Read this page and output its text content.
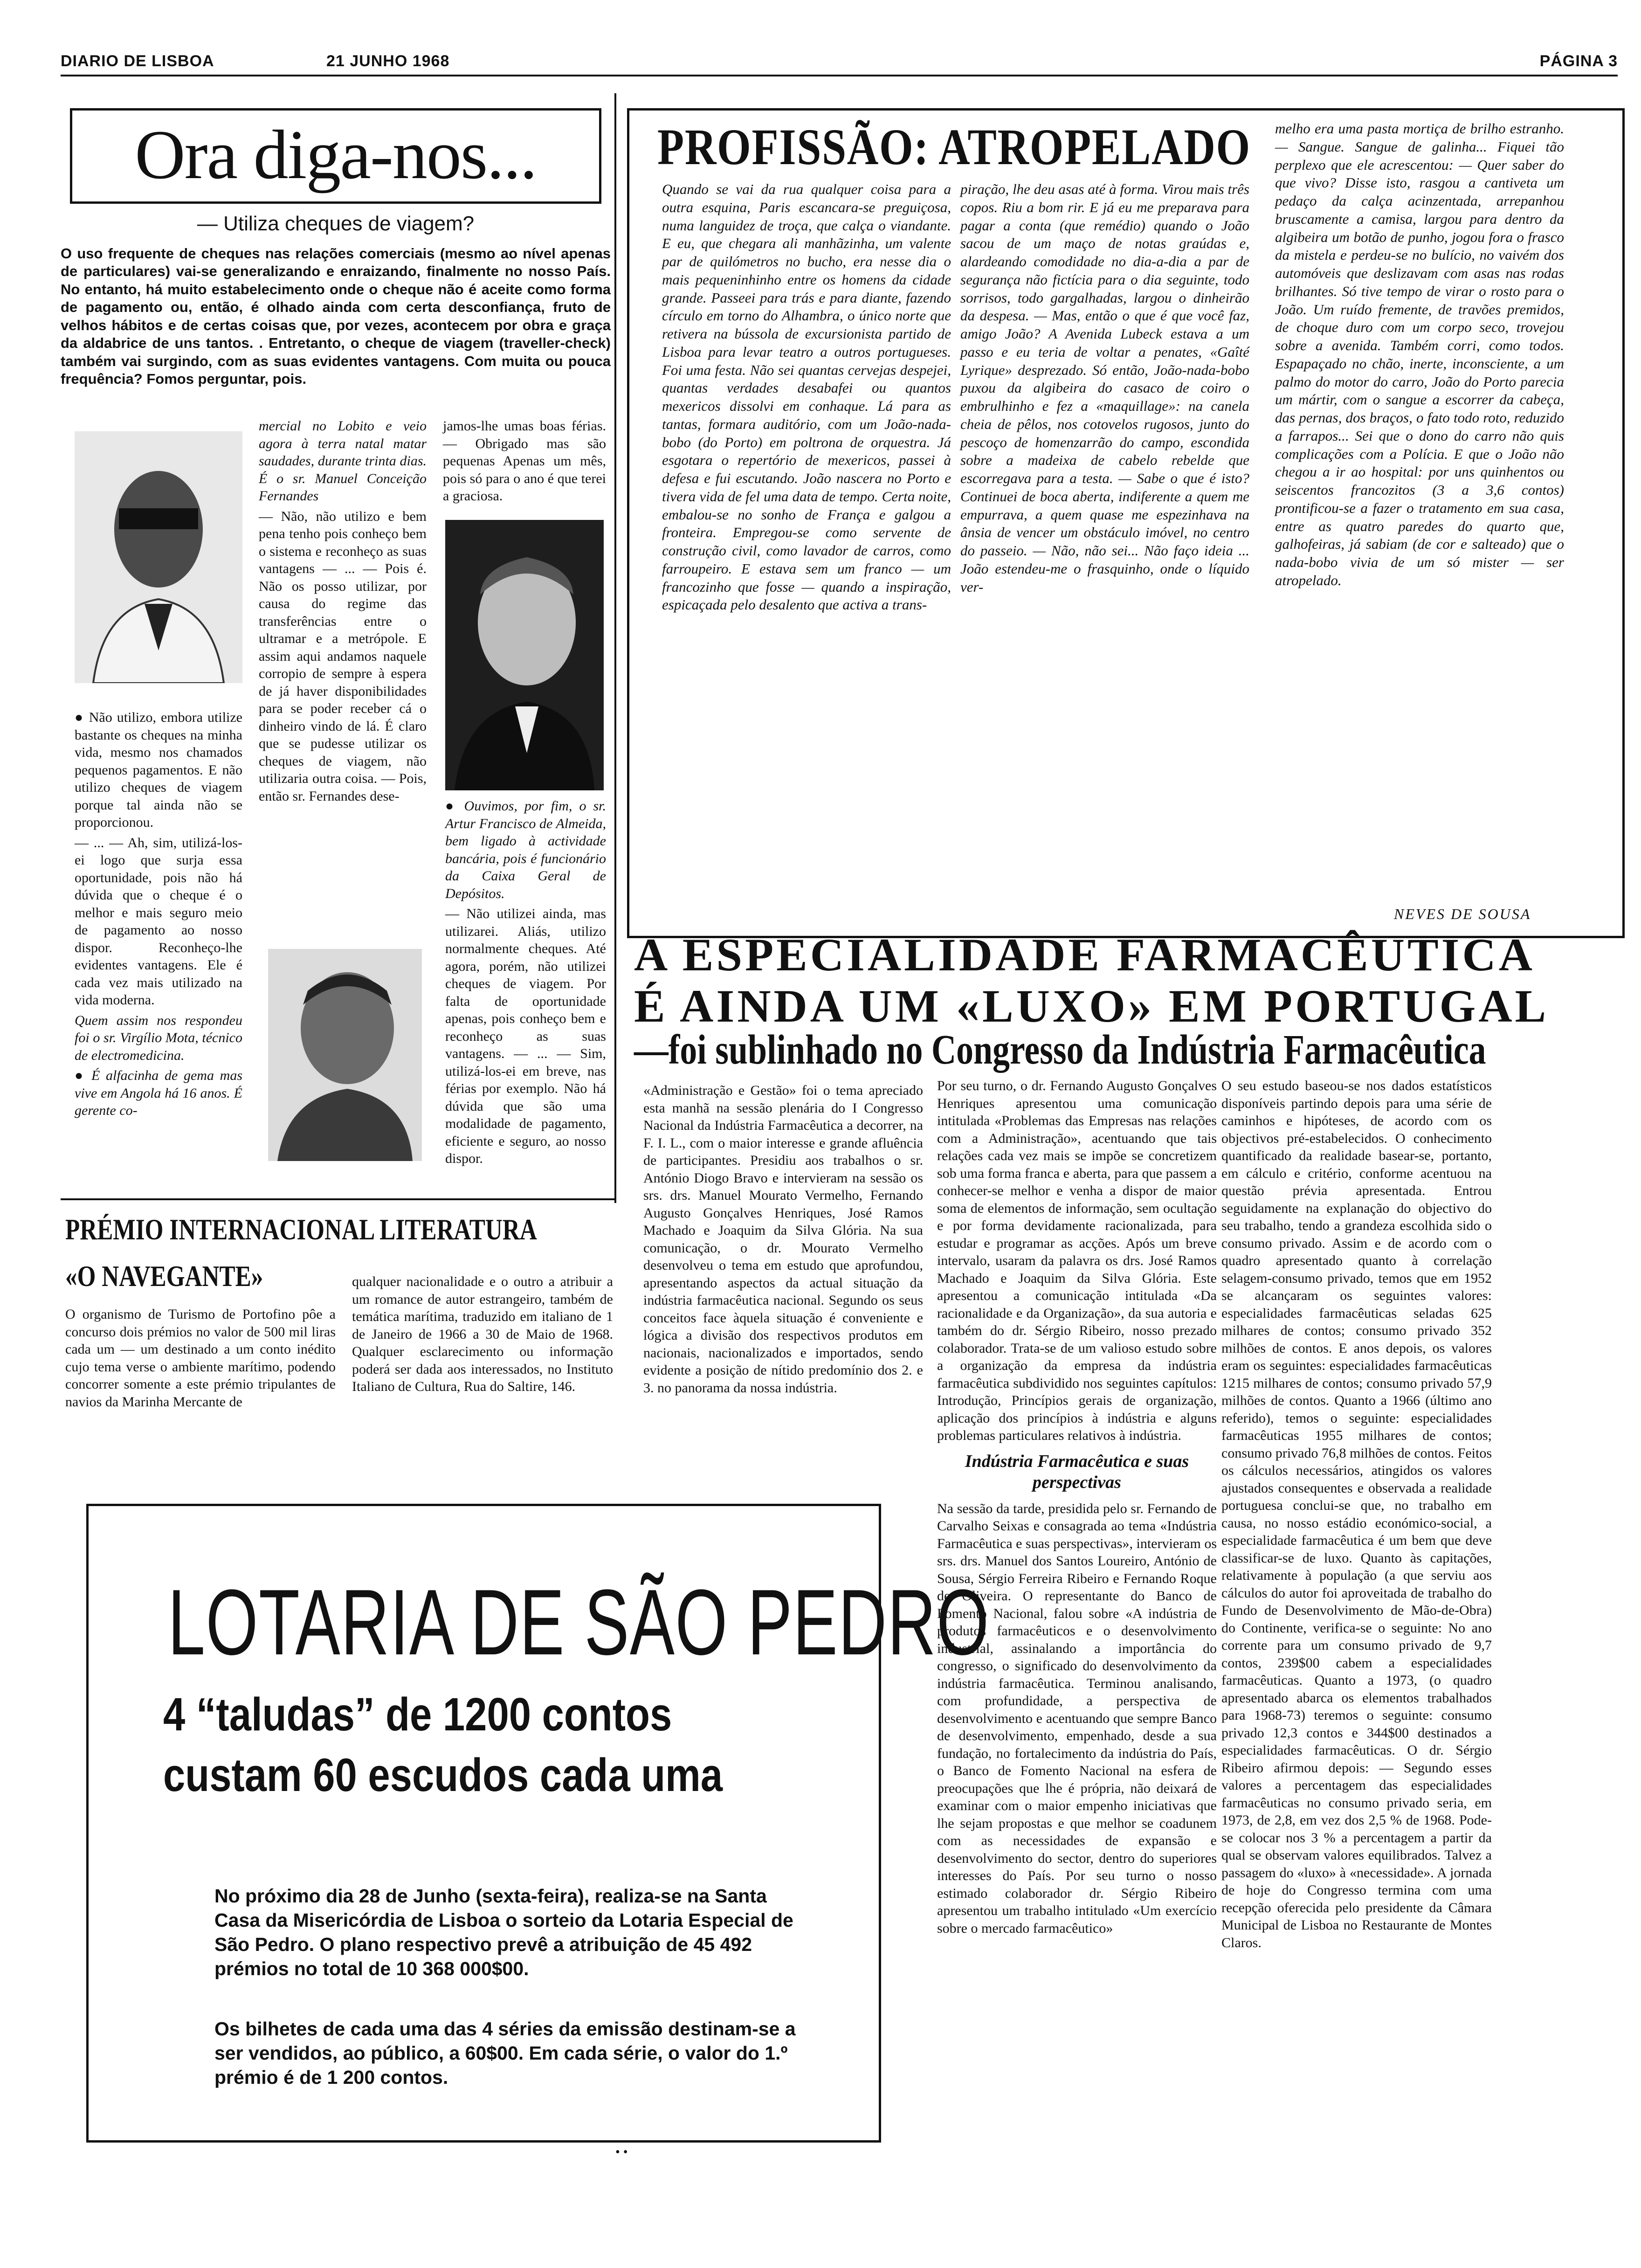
DIARIO DE LISBOA	21 JUNHO 1968	PÁGINA 3
Ora diga-nos...
— Utiliza cheques de viagem?
O uso frequente de cheques nas relações comerciais (mesmo ao nível apenas de particulares) vai-se generalizando e enraizando, finalmente no nosso País. No entanto, há muito estabelecimento onde o cheque não é aceite como forma de pagamento ou, então, é olhado ainda com certa desconfiança, fruto de velhos hábitos e de certas coisas que, por vezes, acontecem por obra e graça da aldabrice de uns tantos. . Entretanto, o cheque de viagem (traveller-check) também vai surgindo, com as suas evidentes vantagens. Com muita ou pouca frequência? Fomos perguntar, pois.

● Não utilizo, embora utilize bastante os cheques na minha vida, mesmo nos chamados pequenos pagamentos. E não utilizo cheques de viagem porque tal ainda não se proporcionou.

— ... — Ah, sim, utilizá-los-ei logo que surja essa oportunidade, pois não há dúvida que o cheque é o melhor e mais seguro meio de pagamento ao nosso dispor. Reconheço-lhe evidentes vantagens. Ele é cada vez mais utilizado na vida moderna.

Quem assim nos respondeu foi o sr. Virgílio Mota, técnico de electromedicina.

● É alfacinha de gema mas vive em Angola há 16 anos. É gerente co-

mercial no Lobito e veio agora à terra natal matar saudades, durante trinta dias. É o sr. Manuel Conceição Fernandes

— Não, não utilizo e bem pena tenho pois conheço bem o sistema e reconheço as suas vantagens — ... — Pois é. Não os posso utilizar, por causa do regime das transferências entre o ultramar e a metrópole. E assim aqui andamos naquele corropio de sempre à espera de já haver disponibilidades para se poder receber cá o dinheiro vindo de lá. É claro que se pudesse utilizar os cheques de viagem, não utilizaria outra coisa. — Pois, então sr. Fernandes dese-

jamos-lhe umas boas férias. — Obrigado mas são pequenas Apenas um mês, pois só para o ano é que terei a graciosa.

● Ouvimos, por fim, o sr. Artur Francisco de Almeida, bem ligado à actividade bancária, pois é funcionário da Caixa Geral de Depósitos.

— Não utilizei ainda, mas utilizarei. Aliás, utilizo normalmente cheques. Até agora, porém, não utilizei cheques de viagem. Por falta de oportunidade apenas, pois conheço bem e reconheço as suas vantagens. — ... — Sim, utilizá-los-ei em breve, nas férias por exemplo. Não há dúvida que são uma modalidade de pagamento, eficiente e seguro, ao nosso dispor.

PRÉMIO INTERNACIONAL LITERATURA
«O NAVEGANTE»
O organismo de Turismo de Portofino pôe a concurso dois prémios no valor de 500 mil liras cada um — um destinado a um conto inédito cujo tema verse o ambiente marítimo, podendo concorrer somente a este prémio tripulantes de navios da Marinha Mercante de
qualquer nacionalidade e o outro a atribuir a um romance de autor estrangeiro, também de temática marítima, traduzido em italiano de 1 de Janeiro de 1966 a 30 de Maio de 1968. Qualquer esclarecimento ou informação poderá ser dada aos interessados, no Instituto Italiano de Cultura, Rua do Saltire, 146.
LOTARIA DE SÃO PEDRO
4 “taludas” de 1200 contos
custam 60 escudos cada uma
No próximo dia 28 de Junho (sexta-feira), realiza-se na Santa Casa da Misericórdia de Lisboa o sorteio da Lotaria Especial de São Pedro. O plano respectivo prevê a atribuição de 45 492 prémios no total de 10 368 000$00.
Os bilhetes de cada uma das 4 séries da emissão destinam-se a ser vendidos, ao público, a 60$00. Em cada série, o valor do 1.º prémio é de 1 200 contos.
PROFISSÃO: ATROPELADO
Quando se vai da rua qualquer coisa para a outra esquina, Paris escancara-se preguiçosa, numa languidez de troça, que calça o viandante. E eu, que chegara ali manhãzinha, um valente par de quilómetros no bucho, era nesse dia o mais pequeninhinho entre os homens da cidade grande. Passeei para trás e para diante, fazendo círculo em torno do Alhambra, o único norte que retivera na bússola de excursionista partido de Lisboa para levar teatro a outros portugueses. Foi uma festa. Não sei quantas cervejas despejei, quantas verdades desabafei ou quantos mexericos dissolvi em conhaque. Lá para as tantas, formara auditório, com um João-nada-bobo (do Porto) em poltrona de orquestra. Já esgotara o repertório de mexericos, passei à defesa e fui escutando. João nascera no Porto e tivera vida de fel uma data de tempo. Certa noite, embalou-se no sonho de França e galgou a fronteira. Empregou-se como servente de construção civil, como lavador de carros, como farroupeiro. E estava sem um franco — um francozinho que fosse — quando a inspiração, espicaçada pelo desalento que activa a trans-
piração, lhe deu asas até à forma. Virou mais três copos. Riu a bom rir. E já eu me preparava para pagar a conta (que remédio) quando o João sacou de um maço de notas graúdas e, alardeando comodidade no dia-a-dia a par de segurança não fictícia para o dia seguinte, todo sorrisos, todo gargalhadas, largou o dinheirão da despesa. — Mas, então o que é que você faz, amigo João? A Avenida Lubeck estava a um passo e eu teria de voltar a penates, «Gaîté Lyrique» desprezado. Só então, João-nada-bobo puxou da algibeira do casaco de coiro o embrulhinho e fez a «maquillage»: na canela cheia de pêlos, nos cotovelos rugosos, junto do pescoço de homenzarrão do campo, escondida sobre a madeixa de cabelo rebelde que escorregava para a testa. — Sabe o que é isto? Continuei de boca aberta, indiferente a quem me empurrava, a quem quase me espezinhava na ânsia de vencer um obstáculo imóvel, no centro do passeio. — Não, não sei... Não faço ideia ... João estendeu-me o frasquinho, onde o líquido ver-
melho era uma pasta mortiça de brilho estranho. — Sangue. Sangue de galinha... Fiquei tão perplexo que ele acrescentou: — Quer saber do que vivo? Disse isto, rasgou a cantiveta um pedaço da calça acinzentada, arrepanhou bruscamente a camisa, largou para dentro da algibeira um botão de punho, jogou fora o frasco da mistela e perdeu-se no bulício, no vaivém dos automóveis que deslizavam com asas nas rodas brilhantes. Só tive tempo de virar o rosto para o João. Um ruído fremente, de travões premidos, de choque duro com um corpo seco, trovejou sobre a avenida. Também corri, como todos. Espapaçado no chão, inerte, inconsciente, a um palmo do motor do carro, João do Porto parecia um mártir, com o sangue a escorrer da cabeça, das pernas, dos braços, o fato todo roto, reduzido a farrapos... Sei que o dono do carro não quis complicações com a Polícia. E que o João não chegou a ir ao hospital: por uns quinhentos ou seiscentos francozitos (3 a 3,6 contos) prontificou-se a fazer o tratamento em sua casa, entre as quatro paredes do quarto que, galhofeiras, já sabiam (de cor e salteado) que o nada-bobo vivia de um só mister — ser atropelado.
NEVES DE SOUSA
A ESPECIALIDADE FARMACÊUTICA
É AINDA UM «LUXO» EM PORTUGAL
—foi sublinhado no Congresso da Indústria Farmacêutica
«Administração e Gestão» foi o tema apreciado esta manhã na sessão plenária do I Congresso Nacional da Indústria Farmacêutica a decorrer, na F. I. L., com o maior interesse e grande afluência de participantes. Presidiu aos trabalhos o sr. António Diogo Bravo e intervieram na sessão os srs. drs. Manuel Mourato Vermelho, Fernando Augusto Gonçalves Henriques, José Ramos Machado e Joaquim da Silva Glória. Na sua comunicação, o dr. Mourato Vermelho desenvolveu o tema em estudo que aprofundou, apresentando aspectos da actual situação da indústria farmacêutica nacional. Segundo os seus conceitos face àquela situação é conveniente e lógica a divisão dos respectivos produtos em nacionais, nacionalizados e importados, sendo evidente a posição de nítido predomínio dos 2. e 3. no panorama da nossa indústria.

Por seu turno, o dr. Fernando Augusto Gonçalves Henriques apresentou uma comunicação intitulada «Problemas das Empresas nas relações com a Administração», acentuando que tais relações cada vez mais se impõe se concretizem sob uma forma franca e aberta, para que passem a conhecer-se melhor e venha a dispor de maior soma de elementos de informação, sem ocultação e por forma devidamente racionalizada, para estudar e programar as acções. Após um breve intervalo, usaram da palavra os drs. José Ramos Machado e Joaquim da Silva Glória. Este apresentou a comunicação intitulada «Da racionalidade e da Organização», da sua autoria e também do dr. Sérgio Ribeiro, nosso prezado colaborador. Trata-se de um valioso estudo sobre a organização da empresa da indústria farmacêutica subdividido nos seguintes capítulos: Introdução, Princípios gerais de organização, aplicação dos princípios à indústria e alguns problemas particulares relativos à indústria.

Indústria Farmacêutica e suas perspectivas

Na sessão da tarde, presidida pelo sr. Fernando de Carvalho Seixas e consagrada ao tema «Indústria Farmacêutica e suas perspectivas», intervieram os srs. drs. Manuel dos Santos Loureiro, António de Sousa, Sérgio Ferreira Ribeiro e Fernando Roque de Oliveira. O representante do Banco de Fomento Nacional, falou sobre «A indústria de produtos farmacêuticos e o desenvolvimento industrial, assinalando a importância do congresso, o significado do desenvolvimento da indústria farmacêutica. Terminou analisando, com profundidade, a perspectiva de desenvolvimento e acentuando que sempre Banco de desenvolvimento, empenhado, desde a sua fundação, no fortalecimento da indústria do País, o Banco de Fomento Nacional na esfera de preocupações que lhe é própria, não deixará de examinar com o maior empenho iniciativas que lhe sejam propostas e que melhor se coadunem com as necessidades de expansão e desenvolvimento do sector, dentro do superiores interesses do País. Por seu turno o nosso estimado colaborador dr. Sérgio Ribeiro apresentou um trabalho intitulado «Um exercício sobre o mercado farmacêutico»

O seu estudo baseou-se nos dados estatísticos disponíveis partindo depois para uma série de caminhos e hipóteses, de acordo com os objectivos pré-estabelecidos. O conhecimento quantificado da realidade basear-se, portanto, em cálculo e critério, conforme acentuou na questão prévia apresentada. Entrou seguidamente na explanação do objectivo do seu trabalho, tendo a grandeza escolhida sido o consumo privado. Assim e de acordo com o quadro apresentado quanto à correlação selagem-consumo privado, temos que em 1952 se alcançaram os seguintes valores: especialidades farmacêuticas seladas 625 milhares de contos; consumo privado 352 milhões de contos. E anos depois, os valores eram os seguintes: especialidades farmacêuticas 1215 milhares de contos; consumo privado 57,9 milhões de contos. Quanto a 1966 (último ano referido), temos o seguinte: especialidades farmacêuticas 1955 milhares de contos; consumo privado 76,8 milhões de contos. Feitos os cálculos necessários, atingidos os valores ajustados consequentes e observada a realidade portuguesa conclui-se que, no trabalho em causa, no nosso estádio económico-social, a especialidade farmacêutica é um bem que deve classificar-se de luxo. Quanto às capitações, relativamente à população (a que serviu aos cálculos do autor foi aproveitada de trabalho do Fundo de Desenvolvimento de Mão-de-Obra) do Continente, verifica-se o seguinte: No ano corrente para um consumo privado de 9,7 contos, 239$00 cabem a especialidades farmacêuticas. Quanto a 1973, (o quadro apresentado abarca os elementos trabalhados para 1968-73) teremos o seguinte: consumo privado 12,3 contos e 344$00 destinados a especialidades farmacêuticas. O dr. Sérgio Ribeiro afirmou depois: — Segundo esses valores a percentagem das especialidades farmacêuticas no consumo privado seria, em 1973, de 2,8, em vez dos 2,5 % de 1968. Pode-se colocar nos 3 % a percentagem a partir da qual se observam valores equilibrados. Talvez a passagem do «luxo» à «necessidade». A jornada de hoje do Congresso termina com uma recepção oferecida pelo presidente da Câmara Municipal de Lisboa no Restaurante de Montes Claros.
• •
